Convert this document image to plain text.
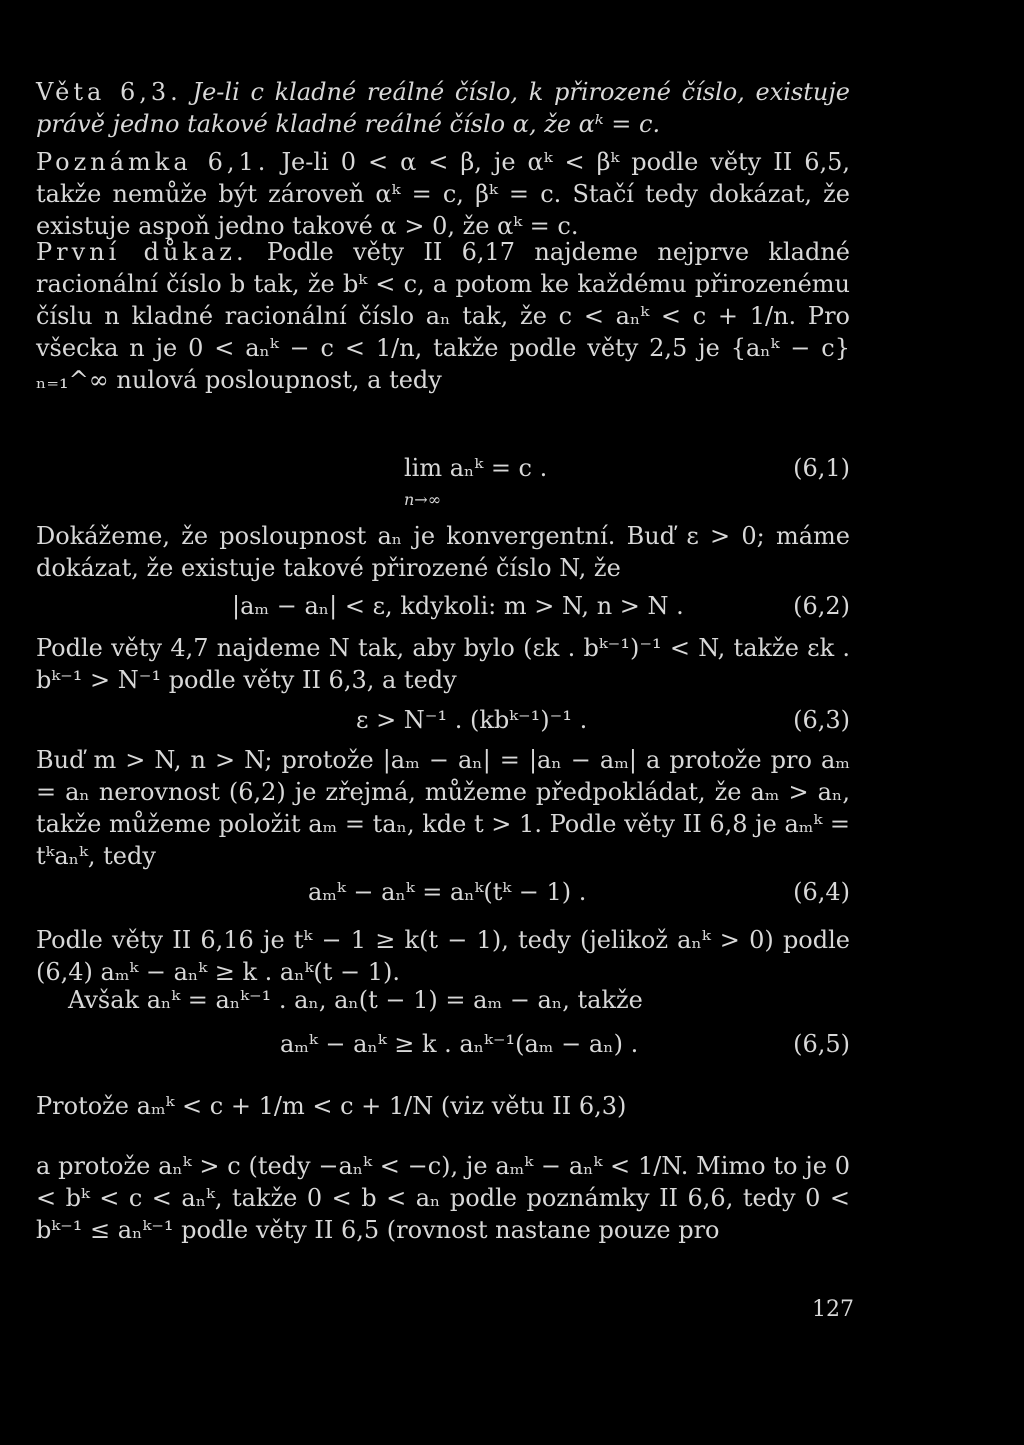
Věta 6,3. Je-li c kladné reálné číslo, k přirozené číslo, existuje právě jedno takové kladné reálné číslo α, že αᵏ = c.

Poznámka 6,1. Je-li 0 < α < β, je αᵏ < βᵏ podle věty II 6,5, takže nemůže být zároveň αᵏ = c, βᵏ = c. Stačí tedy dokázat, že existuje aspoň jedno takové α > 0, že αᵏ = c.

První důkaz. Podle věty II 6,17 najdeme nejprve kladné racionální číslo b tak, že bᵏ < c, a potom ke každému přirozenému číslu n kladné racionální číslo aₙ tak, že c < aₙᵏ < c + 1/n. Pro všecka n je 0 < aₙᵏ − c < 1/n, takže podle věty 2,5 je {aₙᵏ − c}ₙ₌₁^∞ nulová posloupnost, a tedy

lim aₙᵏ = c .
n→∞
(6,1)

Dokážeme, že posloupnost aₙ je konvergentní. Buď ε > 0; máme dokázat, že existuje takové přirozené číslo N, že

|aₘ − aₙ| < ε, kdykoli: m > N, n > N .	(6,2)

Podle věty 4,7 najdeme N tak, aby bylo (εk . bᵏ⁻¹)⁻¹ < N, takže εk . bᵏ⁻¹ > N⁻¹ podle věty II 6,3, a tedy

ε > N⁻¹ . (kbᵏ⁻¹)⁻¹ .	(6,3)

Buď m > N, n > N; protože |aₘ − aₙ| = |aₙ − aₘ| a protože pro aₘ = aₙ nerovnost (6,2) je zřejmá, můžeme předpokládat, že aₘ > aₙ, takže můžeme položit aₘ = taₙ, kde t > 1. Podle věty II 6,8 je aₘᵏ = tᵏaₙᵏ, tedy

aₘᵏ − aₙᵏ = aₙᵏ(tᵏ − 1) .	(6,4)

Podle věty II 6,16 je tᵏ − 1 ≥ k(t − 1), tedy (jelikož aₙᵏ > 0) podle (6,4) aₘᵏ − aₙᵏ ≥ k . aₙᵏ(t − 1).

Avšak aₙᵏ = aₙᵏ⁻¹ . aₙ, aₙ(t − 1) = aₘ − aₙ, takže

aₘᵏ − aₙᵏ ≥ k . aₙᵏ⁻¹(aₘ − aₙ) .	(6,5)

Protože aₘᵏ < c + 1/m < c + 1/N (viz větu II 6,3)

a protože aₙᵏ > c (tedy −aₙᵏ < −c), je aₘᵏ − aₙᵏ < 1/N. Mimo to je 0 < bᵏ < c < aₙᵏ, takže 0 < b < aₙ podle poznámky II 6,6, tedy 0 < bᵏ⁻¹ ≤ aₙᵏ⁻¹ podle věty II 6,5 (rovnost nastane pouze pro

127
